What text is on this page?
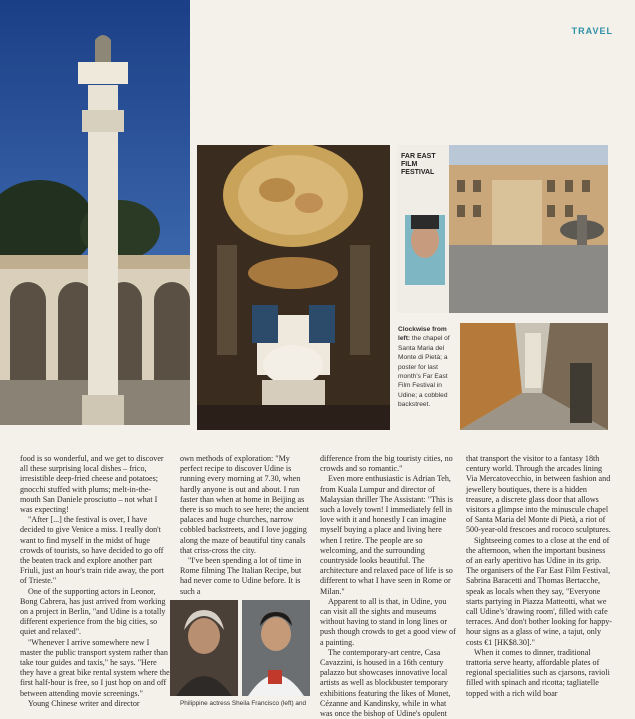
TRAVEL
FAR EAST FILM FESTIVAL
Clockwise from left: the chapel of Santa Maria del Monte di Pietà; a poster for last month's Far East Film Festival in Udine; a cobbled backstreet.

food is so wonderful, and we get to discover all these surprising local dishes – frico, irresistible deep-fried cheese and potatoes; gnocchi stuffed with plums; melt-in-the-mouth San Daniele prosciutto – not what I was expecting!

"After [...] the festival is over, I have decided to give Venice a miss. I really don't want to find myself in the midst of huge crowds of tourists, so have decided to go off the beaten track and explore another part Friuli, just an hour's train ride away, the port of Trieste."

One of the supporting actors in Leonor, Bong Cabrera, has just arrived from working on a project in Berlin, "and Udine is a totally different experience from the big cities, so quiet and relaxed".

"Whenever I arrive somewhere new I master the public transport system rather than take tour guides and taxis," he says. "Here they have a great bike rental system where the first half-hour is free, so I just hop on and off between attending movie screenings."

Young Chinese writer and director

own methods of exploration: "My perfect recipe to discover Udine is running every morning at 7.30, when hardly anyone is out and about. I run faster than when at home in Beijing as there is so much to see here; the ancient palaces and huge churches, narrow cobbled backstreets, and I love jogging along the maze of beautiful tiny canals that criss-cross the city.

"I've been spending a lot of time in Rome filming The Italian Recipe, but had never come to Udine before. It is such a

Philippine actress Sheila Francisco (left) and

difference from the big touristy cities, no crowds and so romantic."

Even more enthusiastic is Adrian Teh, from Kuala Lumpur and director of Malaysian thriller The Assistant: "This is such a lovely town! I immediately fell in love with it and honestly I can imagine myself buying a place and living here when I retire. The people are so welcoming, and the surrounding countryside looks beautiful. The architecture and relaxed pace of life is so different to what I have seen in Rome or Milan."

Apparent to all is that, in Udine, you can visit all the sights and museums without having to stand in long lines or push though crowds to get a good view of a painting.

The contemporary-art centre, Casa Cavazzini, is housed in a 16th century palazzo but showcases innovative local artists as well as blockbuster temporary exhibitions featuring the likes of Monet, Cézanne and Kandinsky, while in what was once the bishop of Udine's opulent

that transport the visitor to a fantasy 18th century world. Through the arcades lining Via Mercatovecchio, in between fashion and jewellery boutiques, there is a hidden treasure, a discrete glass door that allows visitors a glimpse into the minuscule chapel of Santa Maria del Monte di Pietà, a riot of 500-year-old frescoes and rococo sculptures.

Sightseeing comes to a close at the end of the afternoon, when the important business of an early aperitivo has Udine in its grip. The organisers of the Far East Film Festival, Sabrina Baracetti and Thomas Bertacche, speak as locals when they say, "Everyone starts partying in Piazza Matteotti, what we call Udine's 'drawing room', filled with cafe terraces. And don't bother looking for happy-hour signs as a glass of wine, a tajut, only costs €1 [HK$8.30]."

When it comes to dinner, traditional trattoria serve hearty, affordable plates of regional specialities such as cjarsons, ravioli filled with spinach and ricotta; tagliatelle topped with a rich wild boar
